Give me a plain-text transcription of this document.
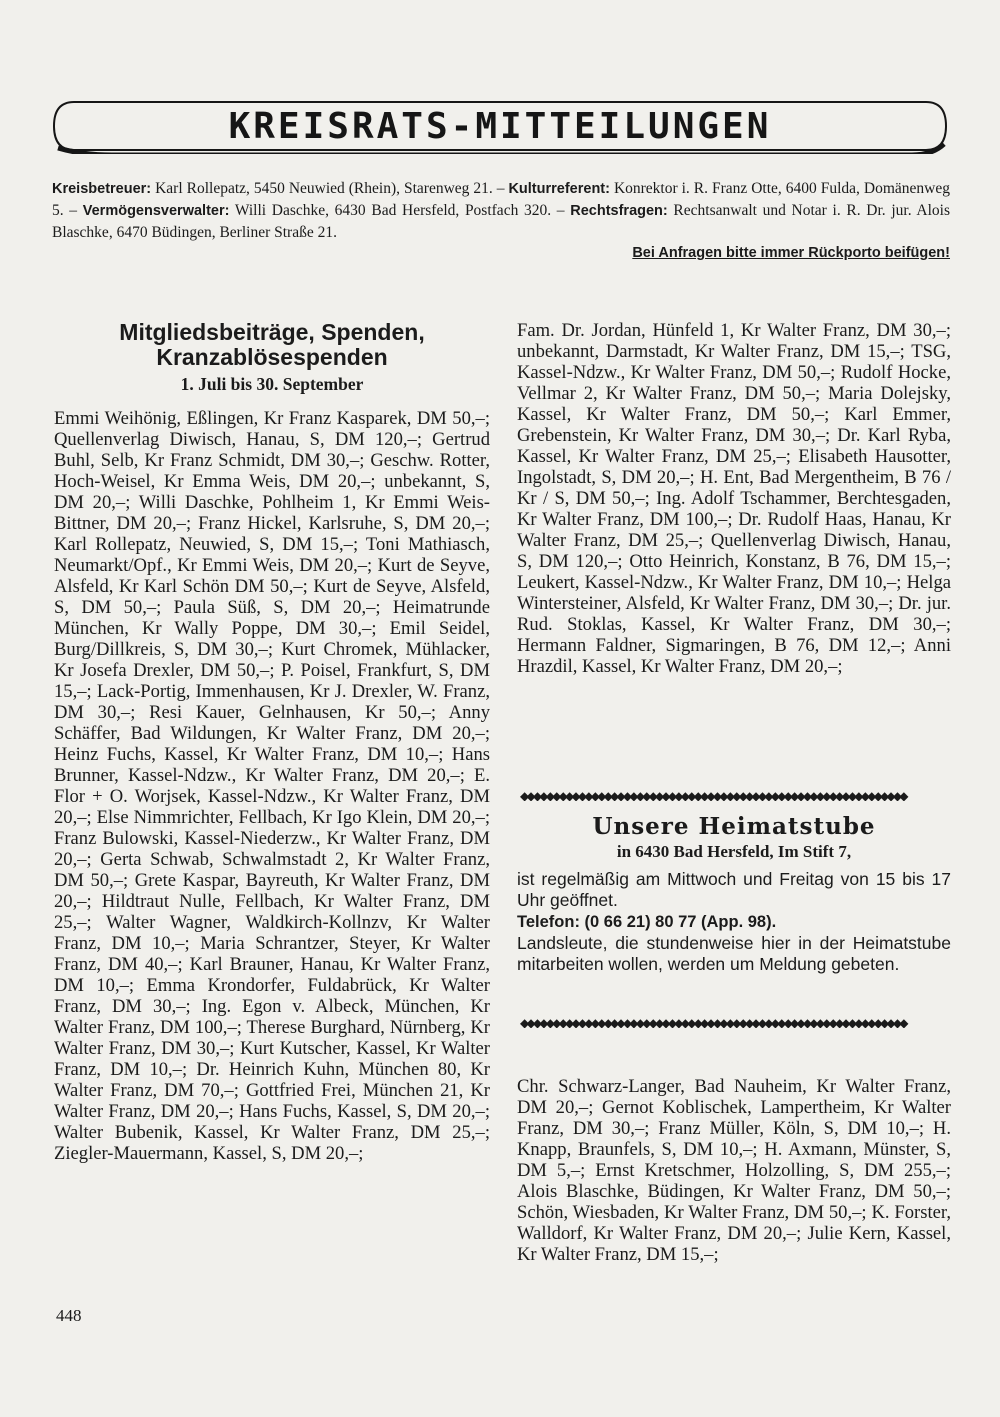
KREISRATS-MITTEILUNGEN
Kreisbetreuer: Karl Rollepatz, 5450 Neuwied (Rhein), Starenweg 21. – Kulturreferent: Konrektor i. R. Franz Otte, 6400 Fulda, Domänenweg 5. – Vermögensverwalter: Willi Daschke, 6430 Bad Hersfeld, Postfach 320. – Rechtsfragen: Rechtsanwalt und Notar i. R. Dr. jur. Alois Blaschke, 6470 Büdingen, Berliner Straße 21.
Bei Anfragen bitte immer Rückporto beifügen!
Mitgliedsbeiträge, Spenden,
Kranzablösespenden
1. Juli bis 30. September

Emmi Weihönig, Eßlingen, Kr Franz Kasparek, DM 50,–; Quellenverlag Diwisch, Hanau, S, DM 120,–; Gertrud Buhl, Selb, Kr Franz Schmidt, DM 30,–; Geschw. Rotter, Hoch-Weisel, Kr Emma Weis, DM 20,–; unbekannt, S, DM 20,–; Willi Daschke, Pohlheim 1, Kr Emmi Weis-Bittner, DM 20,–; Franz Hickel, Karlsruhe, S, DM 20,–; Karl Rollepatz, Neuwied, S, DM 15,–; Toni Mathiasch, Neumarkt/Opf., Kr Emmi Weis, DM 20,–; Kurt de Seyve, Alsfeld, Kr Karl Schön DM 50,–; Kurt de Seyve, Alsfeld, S, DM 50,–; Paula Süß, S, DM 20,–; Heimatrunde München, Kr Wally Poppe, DM 30,–; Emil Seidel, Burg/Dillkreis, S, DM 30,–; Kurt Chromek, Mühlacker, Kr Josefa Drexler, DM 50,–; P. Poisel, Frankfurt, S, DM 15,–; Lack-Portig, Immenhausen, Kr J. Drexler, W. Franz, DM 30,–; Resi Kauer, Gelnhausen, Kr 50,–; Anny Schäffer, Bad Wildungen, Kr Walter Franz, DM 20,–; Heinz Fuchs, Kassel, Kr Walter Franz, DM 10,–; Hans Brunner, Kassel-Ndzw., Kr Walter Franz, DM 20,–; E. Flor + O. Worjsek, Kassel-Ndzw., Kr Walter Franz, DM 20,–; Else Nimmrichter, Fellbach, Kr Igo Klein, DM 20,–; Franz Bulowski, Kassel-Niederzw., Kr Walter Franz, DM 20,–; Gerta Schwab, Schwalmstadt 2, Kr Walter Franz, DM 50,–; Grete Kaspar, Bayreuth, Kr Walter Franz, DM 20,–; Hildtraut Nulle, Fellbach, Kr Walter Franz, DM 25,–; Walter Wagner, Waldkirch-Kollnzv, Kr Walter Franz, DM 10,–; Maria Schrantzer, Steyer, Kr Walter Franz, DM 40,–; Karl Brauner, Hanau, Kr Walter Franz, DM 10,–; Emma Krondorfer, Fuldabrück, Kr Walter Franz, DM 30,–; Ing. Egon v. Albeck, München, Kr Walter Franz, DM 100,–; Therese Burghard, Nürnberg, Kr Walter Franz, DM 30,–; Kurt Kutscher, Kassel, Kr Walter Franz, DM 10,–; Dr. Heinrich Kuhn, München 80, Kr Walter Franz, DM 70,–; Gottfried Frei, München 21, Kr Walter Franz, DM 20,–; Hans Fuchs, Kassel, S, DM 20,–; Walter Bubenik, Kassel, Kr Walter Franz, DM 25,–; Ziegler-Mauermann, Kassel, S, DM 20,–;

Fam. Dr. Jordan, Hünfeld 1, Kr Walter Franz, DM 30,–; unbekannt, Darmstadt, Kr Walter Franz, DM 15,–; TSG, Kassel-Ndzw., Kr Walter Franz, DM 50,–; Rudolf Hocke, Vellmar 2, Kr Walter Franz, DM 50,–; Maria Dolejsky, Kassel, Kr Walter Franz, DM 50,–; Karl Emmer, Grebenstein, Kr Walter Franz, DM 30,–; Dr. Karl Ryba, Kassel, Kr Walter Franz, DM 25,–; Elisabeth Hausotter, Ingolstadt, S, DM 20,–; H. Ent, Bad Mergentheim, B 76 / Kr / S, DM 50,–; Ing. Adolf Tschammer, Berchtesgaden, Kr Walter Franz, DM 100,–; Dr. Rudolf Haas, Hanau, Kr Walter Franz, DM 25,–; Quellenverlag Diwisch, Hanau, S, DM 120,–; Otto Heinrich, Konstanz, B 76, DM 15,–; Leukert, Kassel-Ndzw., Kr Walter Franz, DM 10,–; Helga Wintersteiner, Alsfeld, Kr Walter Franz, DM 30,–; Dr. jur. Rud. Stoklas, Kassel, Kr Walter Franz, DM 30,–; Hermann Faldner, Sigmaringen, B 76, DM 12,–; Anni Hrazdil, Kassel, Kr Walter Franz, DM 20,–;

◆◆◆◆◆◆◆◆◆◆◆◆◆◆◆◆◆◆◆◆◆◆◆◆◆◆◆◆◆◆◆◆◆◆◆◆◆◆◆◆◆◆◆◆◆◆◆◆◆◆◆◆◆◆◆◆◆◆◆◆
Unsere Heimatstube
in 6430 Bad Hersfeld, Im Stift 7,
ist regelmäßig am Mittwoch und Freitag von 15 bis 17 Uhr geöffnet.
Telefon: (0 66 21) 80 77 (App. 98).
Landsleute, die stundenweise hier in der Heimatstube mitarbeiten wollen, werden um Meldung gebeten.
◆◆◆◆◆◆◆◆◆◆◆◆◆◆◆◆◆◆◆◆◆◆◆◆◆◆◆◆◆◆◆◆◆◆◆◆◆◆◆◆◆◆◆◆◆◆◆◆◆◆◆◆◆◆◆◆◆◆◆◆

Chr. Schwarz-Langer, Bad Nauheim, Kr Walter Franz, DM 20,–; Gernot Koblischek, Lampertheim, Kr Walter Franz, DM 30,–; Franz Müller, Köln, S, DM 10,–; H. Knapp, Braunfels, S, DM 10,–; H. Axmann, Münster, S, DM 5,–; Ernst Kretschmer, Holzolling, S, DM 255,–; Alois Blaschke, Büdingen, Kr Walter Franz, DM 50,–; Schön, Wiesbaden, Kr Walter Franz, DM 50,–; K. Forster, Walldorf, Kr Walter Franz, DM 20,–; Julie Kern, Kassel, Kr Walter Franz, DM 15,–;

448
